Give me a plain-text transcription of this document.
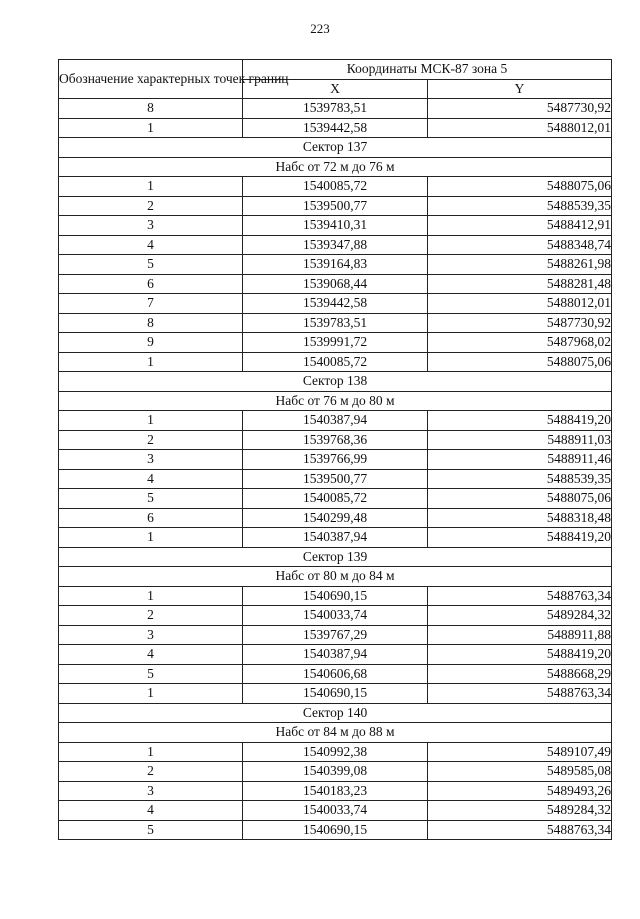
223
Обозначение характерных точек границ	Координаты МСК-87 зона 5	
	X	Y
8	1539783,51	5487730,92
1	1539442,58	5488012,01
Сектор 137		
Набс от 72 м до 76 м		
1	1540085,72	5488075,06
2	1539500,77	5488539,35
3	1539410,31	5488412,91
4	1539347,88	5488348,74
5	1539164,83	5488261,98
6	1539068,44	5488281,48
7	1539442,58	5488012,01
8	1539783,51	5487730,92
9	1539991,72	5487968,02
1	1540085,72	5488075,06
Сектор 138		
Набс от 76 м до 80 м		
1	1540387,94	5488419,20
2	1539768,36	5488911,03
3	1539766,99	5488911,46
4	1539500,77	5488539,35
5	1540085,72	5488075,06
6	1540299,48	5488318,48
1	1540387,94	5488419,20
Сектор 139		
Набс от 80 м до 84 м		
1	1540690,15	5488763,34
2	1540033,74	5489284,32
3	1539767,29	5488911,88
4	1540387,94	5488419,20
5	1540606,68	5488668,29
1	1540690,15	5488763,34
Сектор 140		
Набс от 84 м до 88 м		
1	1540992,38	5489107,49
2	1540399,08	5489585,08
3	1540183,23	5489493,26
4	1540033,74	5489284,32
5	1540690,15	5488763,34
